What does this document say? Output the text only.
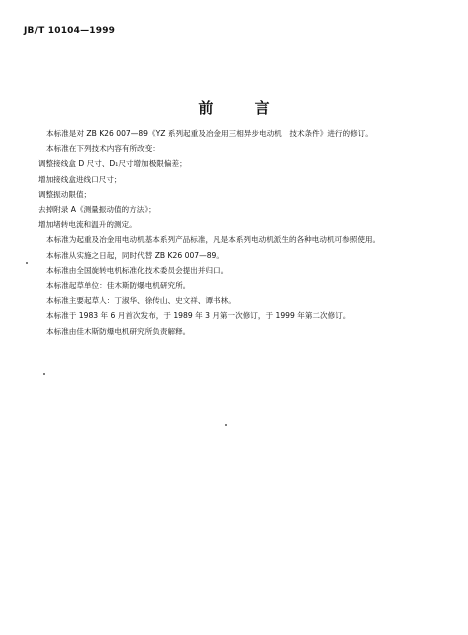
JB/T 10104—1999
前 言
本标准是对 ZB K26 007—89《YZ 系列起重及冶金用三相异步电动机　技术条件》进行的修订。
本标准在下列技术内容有所改变：
调整接线盒 D 尺寸、D₁尺寸增加极限偏差；
增加接线盒进线口尺寸；
调整振动限值；
去掉附录 A《测量振动值的方法》；
增加堵转电流和温升的测定。
本标准为起重及冶金用电动机基本系列产品标准，凡是本系列电动机派生的各种电动机可参照使用。
本标准从实施之日起，同时代替 ZB K26 007—89。
本标准由全国旋转电机标准化技术委员会提出并归口。
本标准起草单位：佳木斯防爆电机研究所。
本标准主要起草人：丁淑华、徐传山、史文祥、谭书林。
本标准于 1983 年 6 月首次发布，于 1989 年 3 月第一次修订，于 1999 年第二次修订。
本标准由佳木斯防爆电机研究所负责解释。
